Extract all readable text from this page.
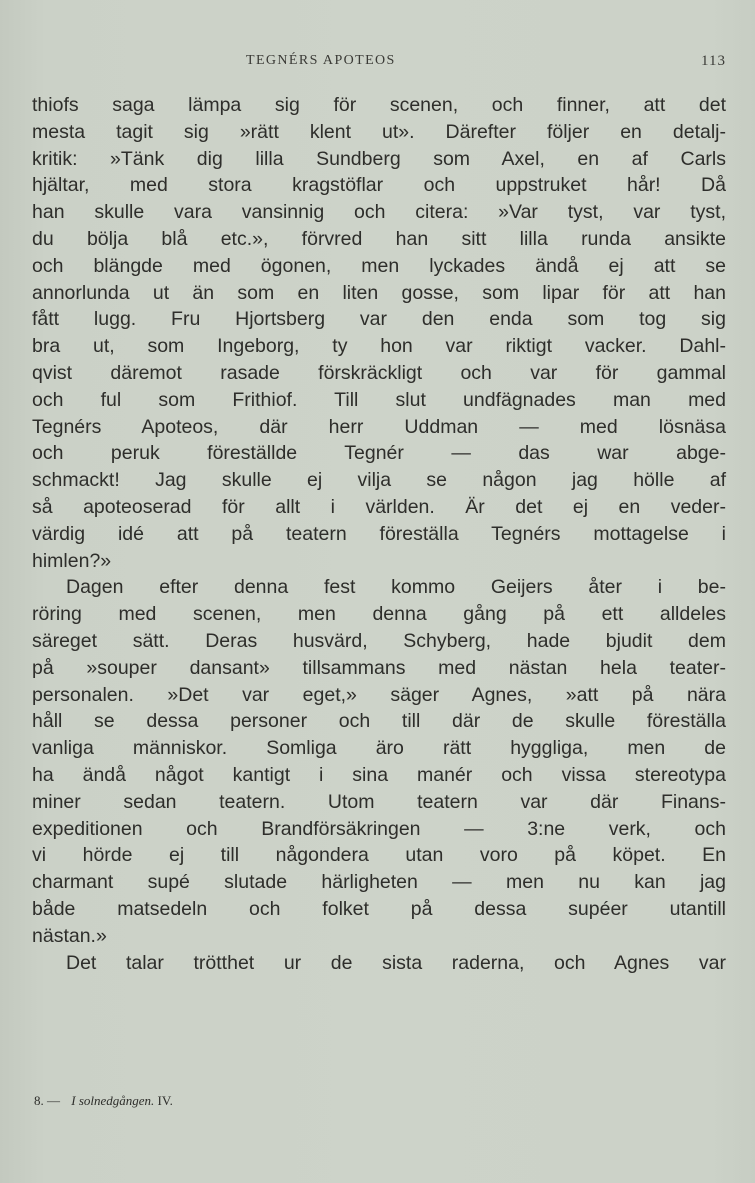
TEGNÉRS APOTEOS	113
thiofs saga lämpa sig för scenen, och finner, att det
mesta tagit sig »rätt klent ut». Därefter följer en detalj-
kritik: »Tänk dig lilla Sundberg som Axel, en af Carls
hjältar, med stora kragstöflar och uppstruket hår! Då
han skulle vara vansinnig och citera: »Var tyst, var tyst,
du bölja blå etc.», förvred han sitt lilla runda ansikte
och blängde med ögonen, men lyckades ändå ej att se
annorlunda ut än som en liten gosse, som lipar för att han
fått lugg. Fru Hjortsberg var den enda som tog sig
bra ut, som Ingeborg, ty hon var riktigt vacker. Dahl-
qvist däremot rasade förskräckligt och var för gammal
och ful som Frithiof. Till slut undfägnades man med
Tegnérs Apoteos, där herr Uddman — med lösnäsa
och peruk föreställde Tegnér — das war abge-
schmackt! Jag skulle ej vilja se någon jag hölle af
så apoteoserad för allt i världen. Är det ej en veder-
värdig idé att på teatern föreställa Tegnérs mottagelse i
himlen?»
Dagen efter denna fest kommo Geijers åter i be-
röring med scenen, men denna gång på ett alldeles
säreget sätt. Deras husvärd, Schyberg, hade bjudit dem
på »souper dansant» tillsammans med nästan hela teater-
personalen. »Det var eget,» säger Agnes, »att på nära
håll se dessa personer och till där de skulle föreställa
vanliga människor. Somliga äro rätt hyggliga, men de
ha ändå något kantigt i sina manér och vissa stereotypa
miner sedan teatern. Utom teatern var där Finans-
expeditionen och Brandförsäkringen — 3:ne verk, och
vi hörde ej till någondera utan voro på köpet. En
charmant supé slutade härligheten — men nu kan jag
både matsedeln och folket på dessa supéer utantill
nästan.»
Det talar trötthet ur de sista raderna, och Agnes var
8. — I solnedgången. IV.
